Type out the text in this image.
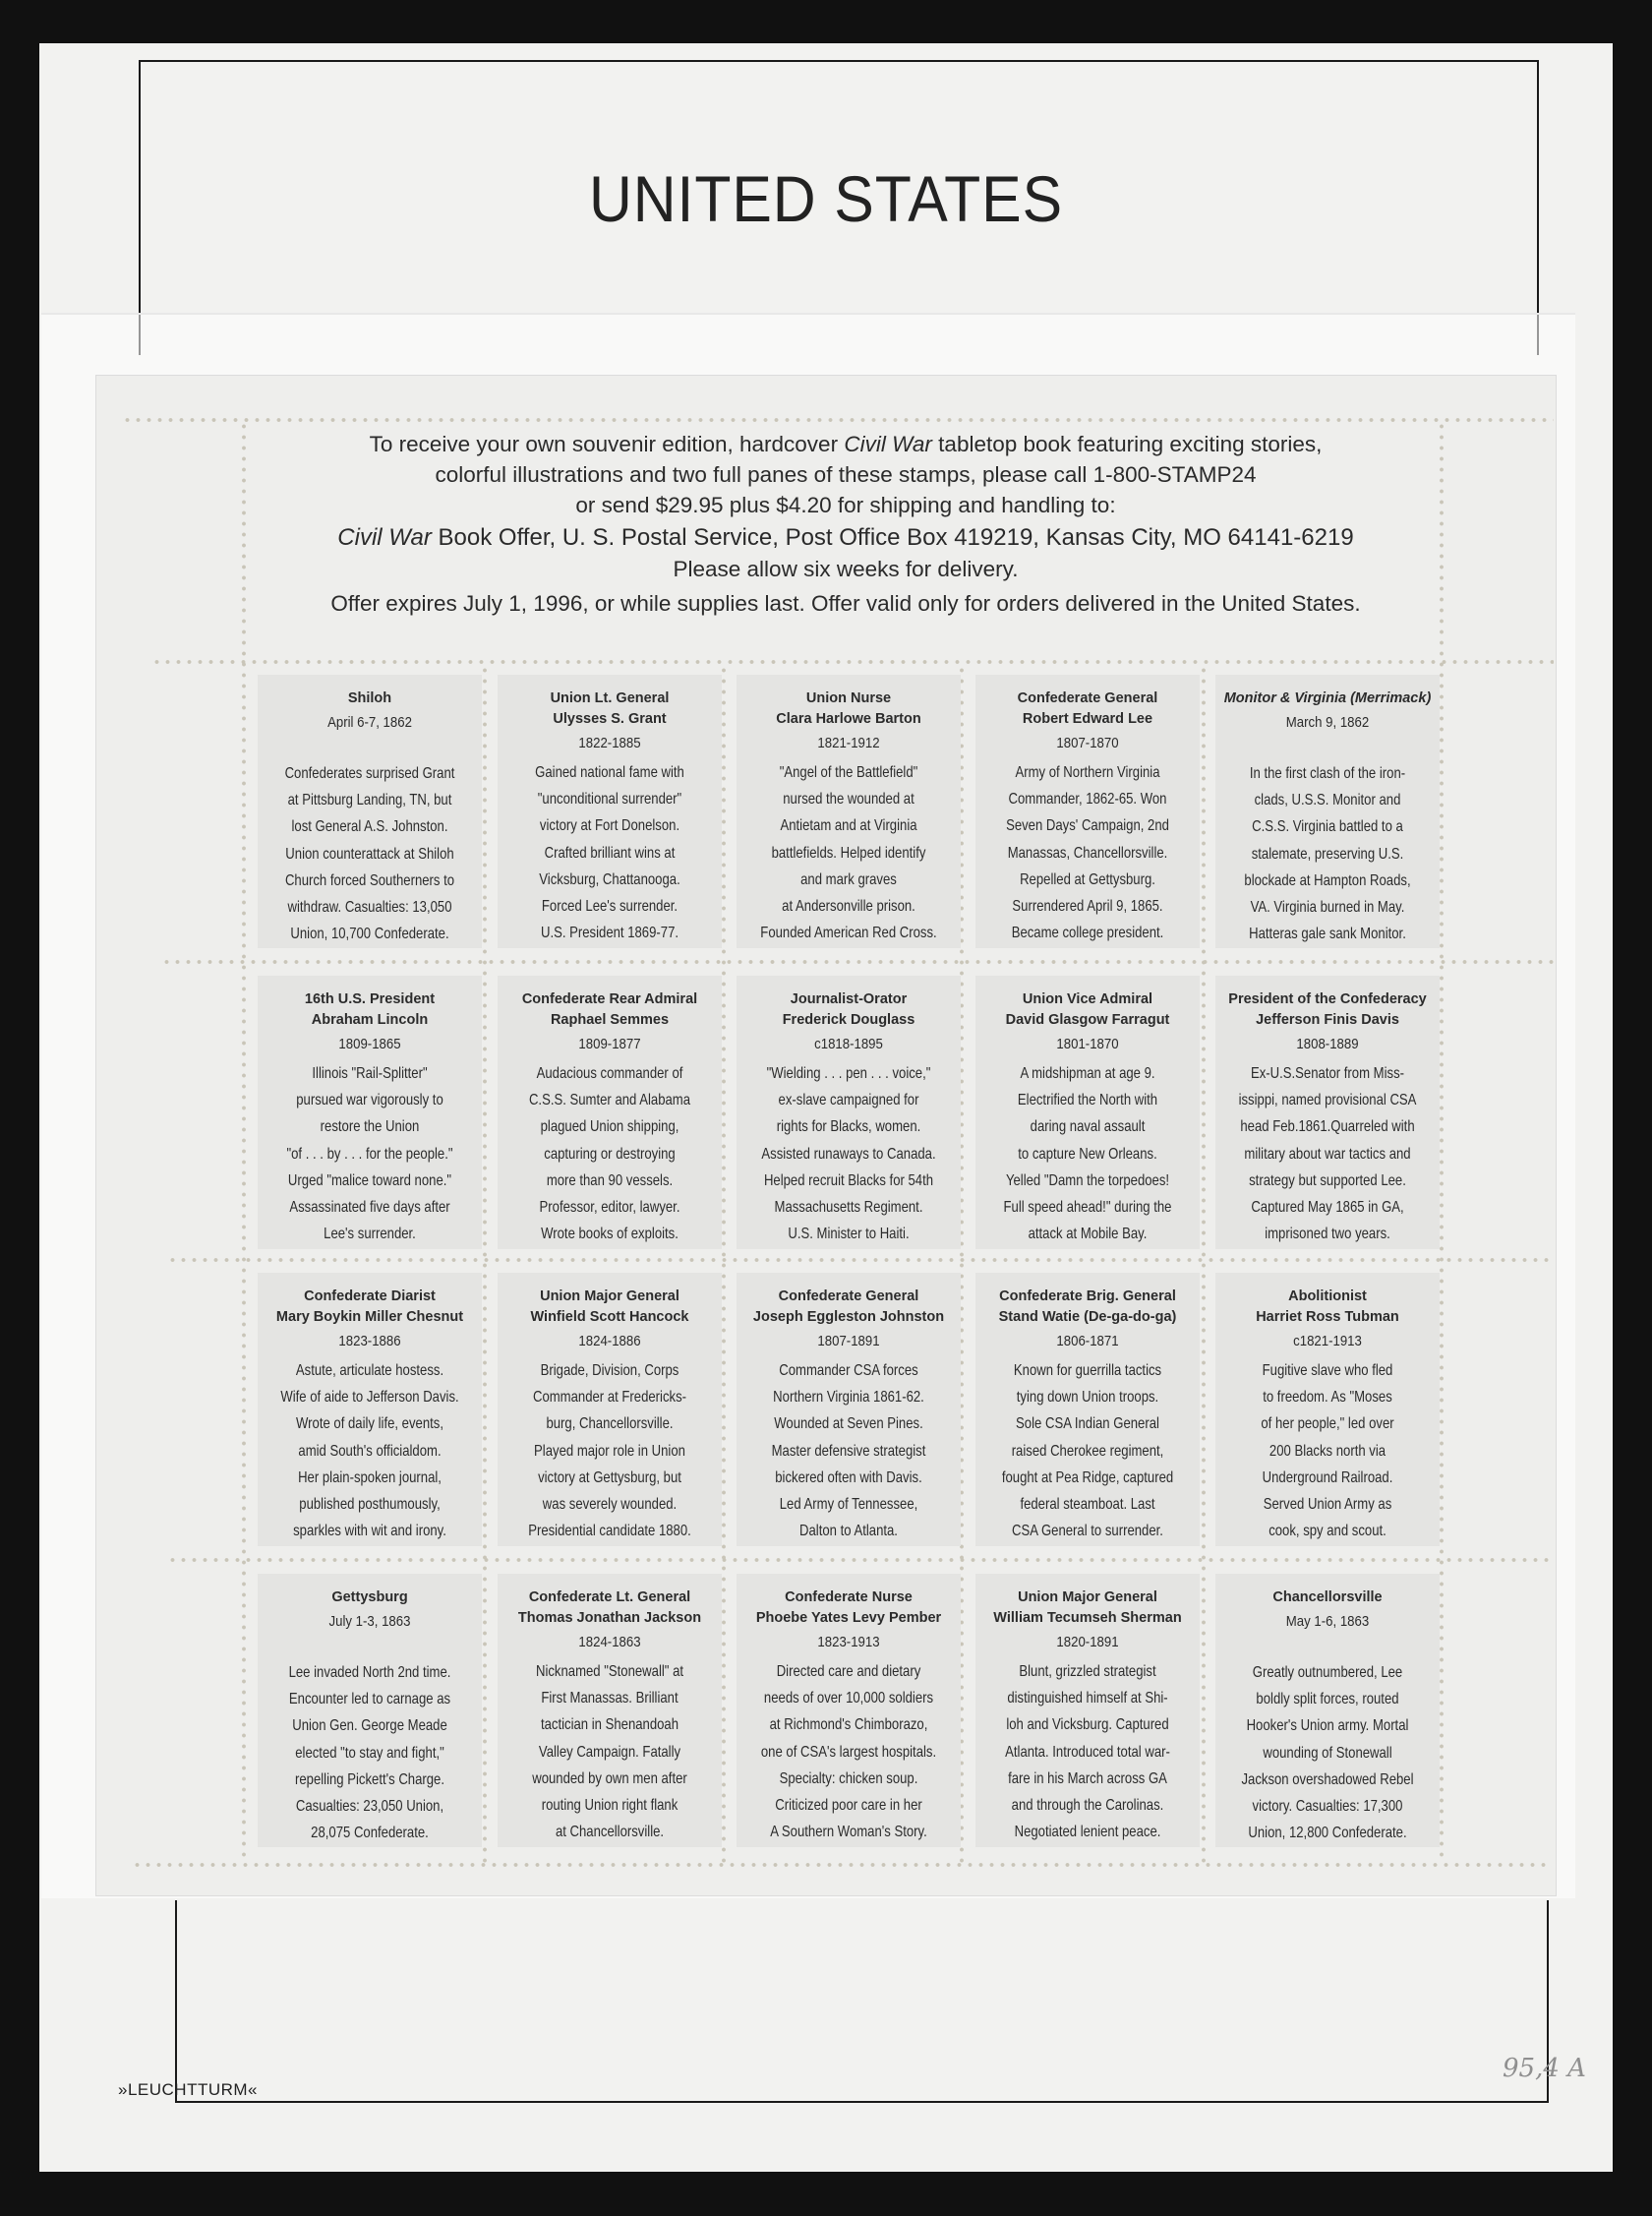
UNITED STATES
To receive your own souvenir edition, hardcover Civil War tabletop book featuring exciting stories,
colorful illustrations and two full panes of these stamps, please call 1-800-STAMP24
or send $29.95 plus $4.20 for shipping and handling to:
Civil War Book Offer, U. S. Postal Service, Post Office Box 419219, Kansas City, MO 64141-6219
Please allow six weeks for delivery.
Offer expires July 1, 1996, or while supplies last. Offer valid only for orders delivered in the United States.
Shiloh
April 6-7, 1862
Confederates surprised Grant
at Pittsburg Landing, TN, but
lost General A.S. Johnston.
Union counterattack at Shiloh
Church forced Southerners to
withdraw. Casualties: 13,050
Union, 10,700 Confederate.
Union Lt. General
Ulysses S. Grant
1822-1885
Gained national fame with
"unconditional surrender"
victory at Fort Donelson.
Crafted brilliant wins at
Vicksburg, Chattanooga.
Forced Lee's surrender.
U.S. President 1869-77.
Union Nurse
Clara Harlowe Barton
1821-1912
"Angel of the Battlefield"
nursed the wounded at
Antietam and at Virginia
battlefields. Helped identify
and mark graves
at Andersonville prison.
Founded American Red Cross.
Confederate General
Robert Edward Lee
1807-1870
Army of Northern Virginia
Commander, 1862-65. Won
Seven Days' Campaign, 2nd
Manassas, Chancellorsville.
Repelled at Gettysburg.
Surrendered April 9, 1865.
Became college president.
Monitor & Virginia (Merrimack)
March 9, 1862
In the first clash of the iron-
clads, U.S.S. Monitor and
C.S.S. Virginia battled to a
stalemate, preserving U.S.
blockade at Hampton Roads,
VA. Virginia burned in May.
Hatteras gale sank Monitor.
16th U.S. President
Abraham Lincoln
1809-1865
Illinois "Rail-Splitter"
pursued war vigorously to
restore the Union
"of . . . by . . . for the people."
Urged "malice toward none."
Assassinated five days after
Lee's surrender.
Confederate Rear Admiral
Raphael Semmes
1809-1877
Audacious commander of
C.S.S. Sumter and Alabama
plagued Union shipping,
capturing or destroying
more than 90 vessels.
Professor, editor, lawyer.
Wrote books of exploits.
Journalist-Orator
Frederick Douglass
c1818-1895
"Wielding . . . pen . . . voice,"
ex-slave campaigned for
rights for Blacks, women.
Assisted runaways to Canada.
Helped recruit Blacks for 54th
Massachusetts Regiment.
U.S. Minister to Haiti.
Union Vice Admiral
David Glasgow Farragut
1801-1870
A midshipman at age 9.
Electrified the North with
daring naval assault
to capture New Orleans.
Yelled "Damn the torpedoes!
Full speed ahead!" during the
attack at Mobile Bay.
President of the Confederacy
Jefferson Finis Davis
1808-1889
Ex-U.S.Senator from Miss-
issippi, named provisional CSA
head Feb.1861.Quarreled with
military about war tactics and
strategy but supported Lee.
Captured May 1865 in GA,
imprisoned two years.
Confederate Diarist
Mary Boykin Miller Chesnut
1823-1886
Astute, articulate hostess.
Wife of aide to Jefferson Davis.
Wrote of daily life, events,
amid South's officialdom.
Her plain-spoken journal,
published posthumously,
sparkles with wit and irony.
Union Major General
Winfield Scott Hancock
1824-1886
Brigade, Division, Corps
Commander at Fredericks-
burg, Chancellorsville.
Played major role in Union
victory at Gettysburg, but
was severely wounded.
Presidential candidate 1880.
Confederate General
Joseph Eggleston Johnston
1807-1891
Commander CSA forces
Northern Virginia 1861-62.
Wounded at Seven Pines.
Master defensive strategist
bickered often with Davis.
Led Army of Tennessee,
Dalton to Atlanta.
Confederate Brig. General
Stand Watie (De-ga-do-ga)
1806-1871
Known for guerrilla tactics
tying down Union troops.
Sole CSA Indian General
raised Cherokee regiment,
fought at Pea Ridge, captured
federal steamboat. Last
CSA General to surrender.
Abolitionist
Harriet Ross Tubman
c1821-1913
Fugitive slave who fled
to freedom. As "Moses
of her people," led over
200 Blacks north via
Underground Railroad.
Served Union Army as
cook, spy and scout.
Gettysburg
July 1-3, 1863
Lee invaded North 2nd time.
Encounter led to carnage as
Union Gen. George Meade
elected "to stay and fight,"
repelling Pickett's Charge.
Casualties: 23,050 Union,
28,075 Confederate.
Confederate Lt. General
Thomas Jonathan Jackson
1824-1863
Nicknamed "Stonewall" at
First Manassas. Brilliant
tactician in Shenandoah
Valley Campaign. Fatally
wounded by own men after
routing Union right flank
at Chancellorsville.
Confederate Nurse
Phoebe Yates Levy Pember
1823-1913
Directed care and dietary
needs of over 10,000 soldiers
at Richmond's Chimborazo,
one of CSA's largest hospitals.
Specialty: chicken soup.
Criticized poor care in her
A Southern Woman's Story.
Union Major General
William Tecumseh Sherman
1820-1891
Blunt, grizzled strategist
distinguished himself at Shi-
loh and Vicksburg. Captured
Atlanta. Introduced total war-
fare in his March across GA
and through the Carolinas.
Negotiated lenient peace.
Chancellorsville
May 1-6, 1863
Greatly outnumbered, Lee
boldly split forces, routed
Hooker's Union army. Mortal
wounding of Stonewall
Jackson overshadowed Rebel
victory. Casualties: 17,300
Union, 12,800 Confederate.
»LEUCHTTURM«
95,4 A
